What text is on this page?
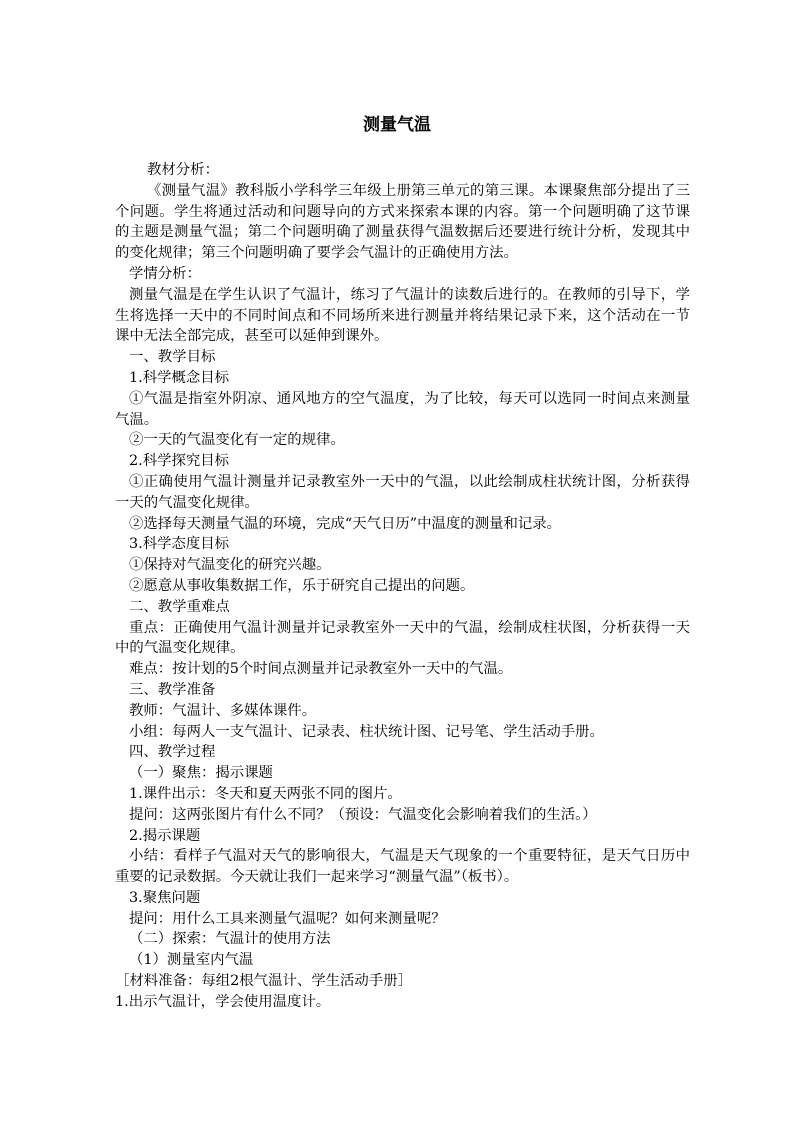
测量气温

教材分析：

《测量气温》教科版小学科学三年级上册第三单元的第三课。本课聚焦部分提出了三个问题。学生将通过活动和问题导向的方式来探索本课的内容。第一个问题明确了这节课的主题是测量气温；第二个问题明确了测量获得气温数据后还要进行统计分析，发现其中的变化规律；第三个问题明确了要学会气温计的正确使用方法。

学情分析：

测量气温是在学生认识了气温计，练习了气温计的读数后进行的。在教师的引导下，学生将选择一天中的不同时间点和不同场所来进行测量并将结果记录下来，这个活动在一节课中无法全部完成，甚至可以延伸到课外。

一、教学目标

1.科学概念目标

①气温是指室外阴凉、通风地方的空气温度，为了比较，每天可以选同一时间点来测量气温。

②一天的气温变化有一定的规律。

2.科学探究目标

①正确使用气温计测量并记录教室外一天中的气温，以此绘制成柱状统计图，分析获得一天的气温变化规律。

②选择每天测量气温的环境，完成“天气日历”中温度的测量和记录。

3.科学态度目标

①保持对气温变化的研究兴趣。

②愿意从事收集数据工作，乐于研究自己提出的问题。

二、教学重难点

重点：正确使用气温计测量并记录教室外一天中的气温，绘制成柱状图，分析获得一天中的气温变化规律。

难点：按计划的5个时间点测量并记录教室外一天中的气温。

三、教学准备

教师：气温计、多媒体课件。

小组：每两人一支气温计、记录表、柱状统计图、记号笔、学生活动手册。

四、教学过程

（一）聚焦：揭示课题

1.课件出示：冬天和夏天两张不同的图片。

提问：这两张图片有什么不同？（预设：气温变化会影响着我们的生活。）

2.揭示课题

小结：看样子气温对天气的影响很大，气温是天气现象的一个重要特征，是天气日历中重要的记录数据。今天就让我们一起来学习“测量气温”（板书）。

3.聚焦问题

提问：用什么工具来测量气温呢？如何来测量呢？

（二）探索：气温计的使用方法

（1）测量室内气温

［材料准备：每组2根气温计、学生活动手册］

1.出示气温计，学会使用温度计。
